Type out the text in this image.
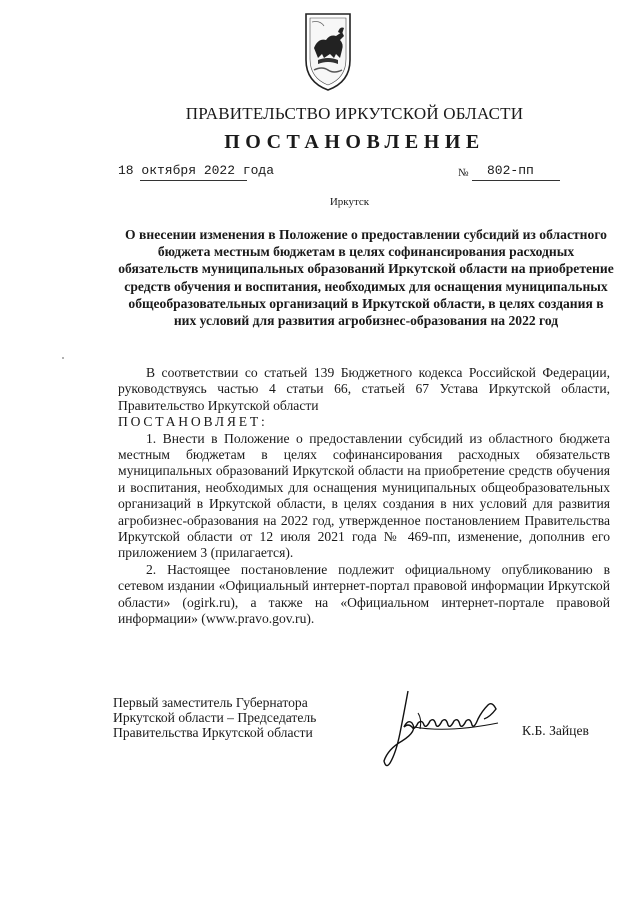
ПРАВИТЕЛЬСТВО ИРКУТСКОЙ ОБЛАСТИ
ПОСТАНОВЛЕНИЕ
18 октября 2022 года	№ 802-пп
Иркутск

О внесении изменения в Положение о предоставлении субсидий из областного бюджета местным бюджетам в целях софинансирования расходных обязательств муниципальных образований Иркутской области на приобретение средств обучения и воспитания, необходимых для оснащения муниципальных общеобразовательных организаций в Иркутской области, в целях создания в них условий для развития агробизнес-образования на 2022 год

В соответствии со статьей 139 Бюджетного кодекса Российской Федерации, руководствуясь частью 4 статьи 66, статьей 67 Устава Иркутской области, Правительство Иркутской области

ПОСТАНОВЛЯЕТ:

1. Внести в Положение о предоставлении субсидий из областного бюджета местным бюджетам в целях софинансирования расходных обязательств муниципальных образований Иркутской области на приобретение средств обучения и воспитания, необходимых для оснащения муниципальных общеобразовательных организаций в Иркутской области, в целях создания в них условий для развития агробизнес-образования на 2022 год, утвержденное постановлением Правительства Иркутской области от 12 июля 2021 года № 469-пп, изменение, дополнив его приложением 3 (прилагается).

2. Настоящее постановление подлежит официальному опубликованию в сетевом издании «Официальный интернет-портал правовой информации Иркутской области» (ogirk.ru), а также на «Официальном интернет-портале правовой информации» (www.pravo.gov.ru).

Первый заместитель Губернатора
Иркутской области – Председатель
Правительства Иркутской области	К.Б. Зайцев
